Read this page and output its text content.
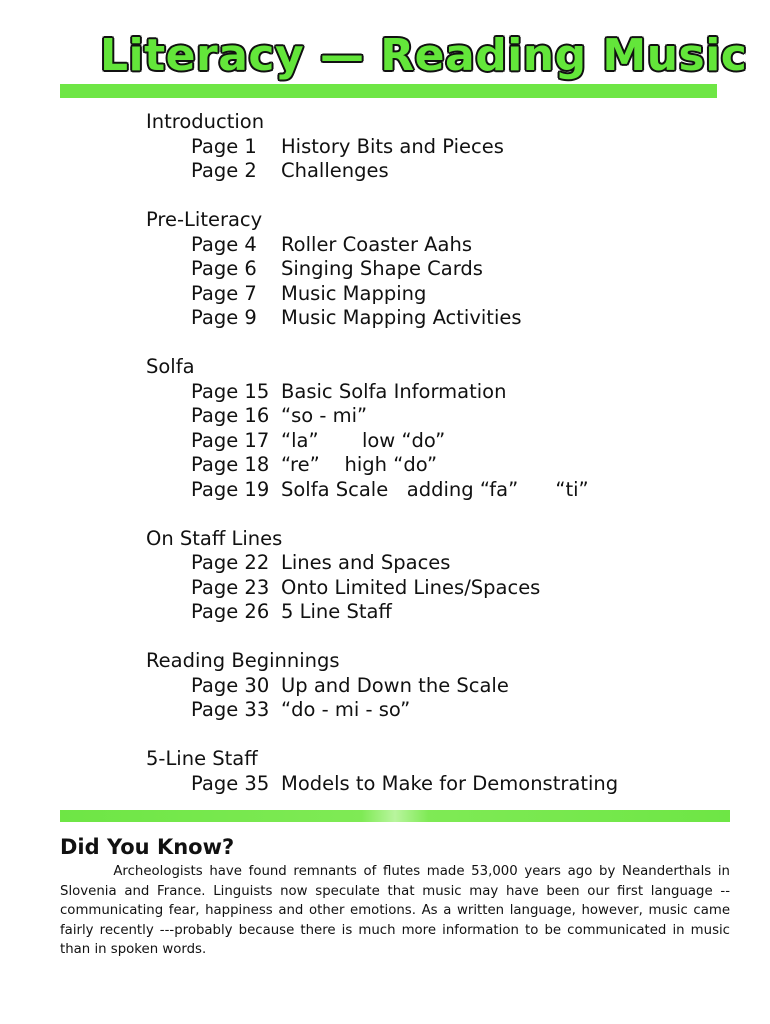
Literacy — Reading Music
Introduction
Page 1	History Bits and Pieces
Page 2	Challenges
Pre-Literacy
Page 4	Roller Coaster Aahs
Page 6	Singing Shape Cards
Page 7	Music Mapping
Page 9	Music Mapping Activities
Solfa
Page 15 Basic Solfa Information
Page 16 “so - mi”
Page 17 “la”       low “do”
Page 18 “re”    high “do”
Page 19 Solfa Scale   adding “fa”      “ti”
On Staff Lines
Page 22 Lines and Spaces
Page 23 Onto Limited Lines/Spaces
Page 26 5 Line Staff
Reading Beginnings
Page 30 Up and Down the Scale
Page 33 “do - mi - so”
5-Line Staff
Page 35 Models to Make for Demonstrating
Did You Know?
Archeologists have found remnants of flutes made 53,000 years ago by Neanderthals in Slovenia and France. Linguists now speculate that music may have been our first language -- communicating fear, happiness and other emotions. As a written language, however, music came fairly recently ---probably because there is much more information to be communicated in music than in spoken words.
